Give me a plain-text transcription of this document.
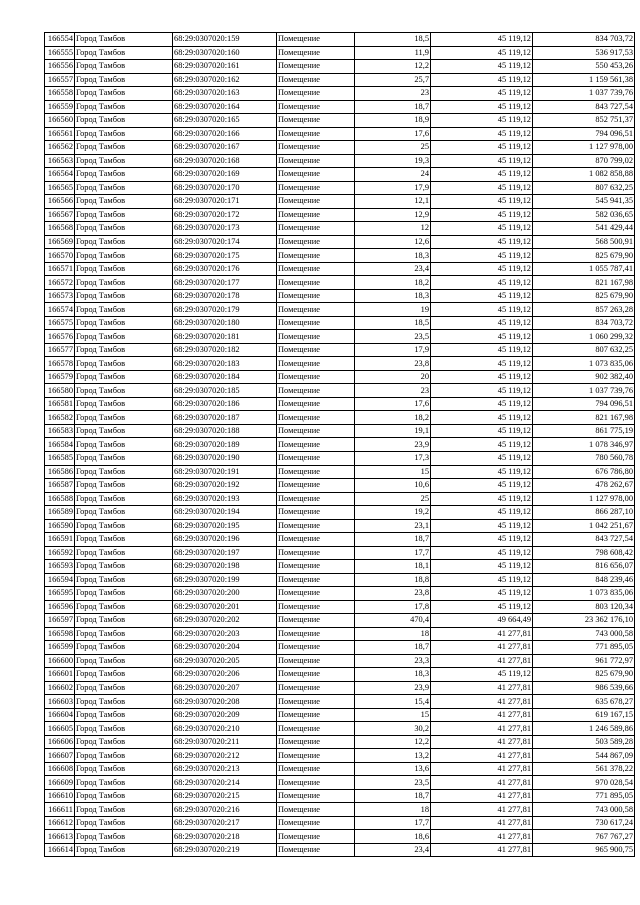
166554	Город Тамбов	68:29:0307020:159	Помещение	18,5	45 119,12	834 703,72
166555	Город Тамбов	68:29:0307020:160	Помещение	11,9	45 119,12	536 917,53
166556	Город Тамбов	68:29:0307020:161	Помещение	12,2	45 119,12	550 453,26
166557	Город Тамбов	68:29:0307020:162	Помещение	25,7	45 119,12	1 159 561,38
166558	Город Тамбов	68:29:0307020:163	Помещение	23	45 119,12	1 037 739,76
166559	Город Тамбов	68:29:0307020:164	Помещение	18,7	45 119,12	843 727,54
166560	Город Тамбов	68:29:0307020:165	Помещение	18,9	45 119,12	852 751,37
166561	Город Тамбов	68:29:0307020:166	Помещение	17,6	45 119,12	794 096,51
166562	Город Тамбов	68:29:0307020:167	Помещение	25	45 119,12	1 127 978,00
166563	Город Тамбов	68:29:0307020:168	Помещение	19,3	45 119,12	870 799,02
166564	Город Тамбов	68:29:0307020:169	Помещение	24	45 119,12	1 082 858,88
166565	Город Тамбов	68:29:0307020:170	Помещение	17,9	45 119,12	807 632,25
166566	Город Тамбов	68:29:0307020:171	Помещение	12,1	45 119,12	545 941,35
166567	Город Тамбов	68:29:0307020:172	Помещение	12,9	45 119,12	582 036,65
166568	Город Тамбов	68:29:0307020:173	Помещение	12	45 119,12	541 429,44
166569	Город Тамбов	68:29:0307020:174	Помещение	12,6	45 119,12	568 500,91
166570	Город Тамбов	68:29:0307020:175	Помещение	18,3	45 119,12	825 679,90
166571	Город Тамбов	68:29:0307020:176	Помещение	23,4	45 119,12	1 055 787,41
166572	Город Тамбов	68:29:0307020:177	Помещение	18,2	45 119,12	821 167,98
166573	Город Тамбов	68:29:0307020:178	Помещение	18,3	45 119,12	825 679,90
166574	Город Тамбов	68:29:0307020:179	Помещение	19	45 119,12	857 263,28
166575	Город Тамбов	68:29:0307020:180	Помещение	18,5	45 119,12	834 703,72
166576	Город Тамбов	68:29:0307020:181	Помещение	23,5	45 119,12	1 060 299,32
166577	Город Тамбов	68:29:0307020:182	Помещение	17,9	45 119,12	807 632,25
166578	Город Тамбов	68:29:0307020:183	Помещение	23,8	45 119,12	1 073 835,06
166579	Город Тамбов	68:29:0307020:184	Помещение	20	45 119,12	902 382,40
166580	Город Тамбов	68:29:0307020:185	Помещение	23	45 119,12	1 037 739,76
166581	Город Тамбов	68:29:0307020:186	Помещение	17,6	45 119,12	794 096,51
166582	Город Тамбов	68:29:0307020:187	Помещение	18,2	45 119,12	821 167,98
166583	Город Тамбов	68:29:0307020:188	Помещение	19,1	45 119,12	861 775,19
166584	Город Тамбов	68:29:0307020:189	Помещение	23,9	45 119,12	1 078 346,97
166585	Город Тамбов	68:29:0307020:190	Помещение	17,3	45 119,12	780 560,78
166586	Город Тамбов	68:29:0307020:191	Помещение	15	45 119,12	676 786,80
166587	Город Тамбов	68:29:0307020:192	Помещение	10,6	45 119,12	478 262,67
166588	Город Тамбов	68:29:0307020:193	Помещение	25	45 119,12	1 127 978,00
166589	Город Тамбов	68:29:0307020:194	Помещение	19,2	45 119,12	866 287,10
166590	Город Тамбов	68:29:0307020:195	Помещение	23,1	45 119,12	1 042 251,67
166591	Город Тамбов	68:29:0307020:196	Помещение	18,7	45 119,12	843 727,54
166592	Город Тамбов	68:29:0307020:197	Помещение	17,7	45 119,12	798 608,42
166593	Город Тамбов	68:29:0307020:198	Помещение	18,1	45 119,12	816 656,07
166594	Город Тамбов	68:29:0307020:199	Помещение	18,8	45 119,12	848 239,46
166595	Город Тамбов	68:29:0307020:200	Помещение	23,8	45 119,12	1 073 835,06
166596	Город Тамбов	68:29:0307020:201	Помещение	17,8	45 119,12	803 120,34
166597	Город Тамбов	68:29:0307020:202	Помещение	470,4	49 664,49	23 362 176,10
166598	Город Тамбов	68:29:0307020:203	Помещение	18	41 277,81	743 000,58
166599	Город Тамбов	68:29:0307020:204	Помещение	18,7	41 277,81	771 895,05
166600	Город Тамбов	68:29:0307020:205	Помещение	23,3	41 277,81	961 772,97
166601	Город Тамбов	68:29:0307020:206	Помещение	18,3	45 119,12	825 679,90
166602	Город Тамбов	68:29:0307020:207	Помещение	23,9	41 277,81	986 539,66
166603	Город Тамбов	68:29:0307020:208	Помещение	15,4	41 277,81	635 678,27
166604	Город Тамбов	68:29:0307020:209	Помещение	15	41 277,81	619 167,15
166605	Город Тамбов	68:29:0307020:210	Помещение	30,2	41 277,81	1 246 589,86
166606	Город Тамбов	68:29:0307020:211	Помещение	12,2	41 277,81	503 589,28
166607	Город Тамбов	68:29:0307020:212	Помещение	13,2	41 277,81	544 867,09
166608	Город Тамбов	68:29:0307020:213	Помещение	13,6	41 277,81	561 378,22
166609	Город Тамбов	68:29:0307020:214	Помещение	23,5	41 277,81	970 028,54
166610	Город Тамбов	68:29:0307020:215	Помещение	18,7	41 277,81	771 895,05
166611	Город Тамбов	68:29:0307020:216	Помещение	18	41 277,81	743 000,58
166612	Город Тамбов	68:29:0307020:217	Помещение	17,7	41 277,81	730 617,24
166613	Город Тамбов	68:29:0307020:218	Помещение	18,6	41 277,81	767 767,27
166614	Город Тамбов	68:29:0307020:219	Помещение	23,4	41 277,81	965 900,75
